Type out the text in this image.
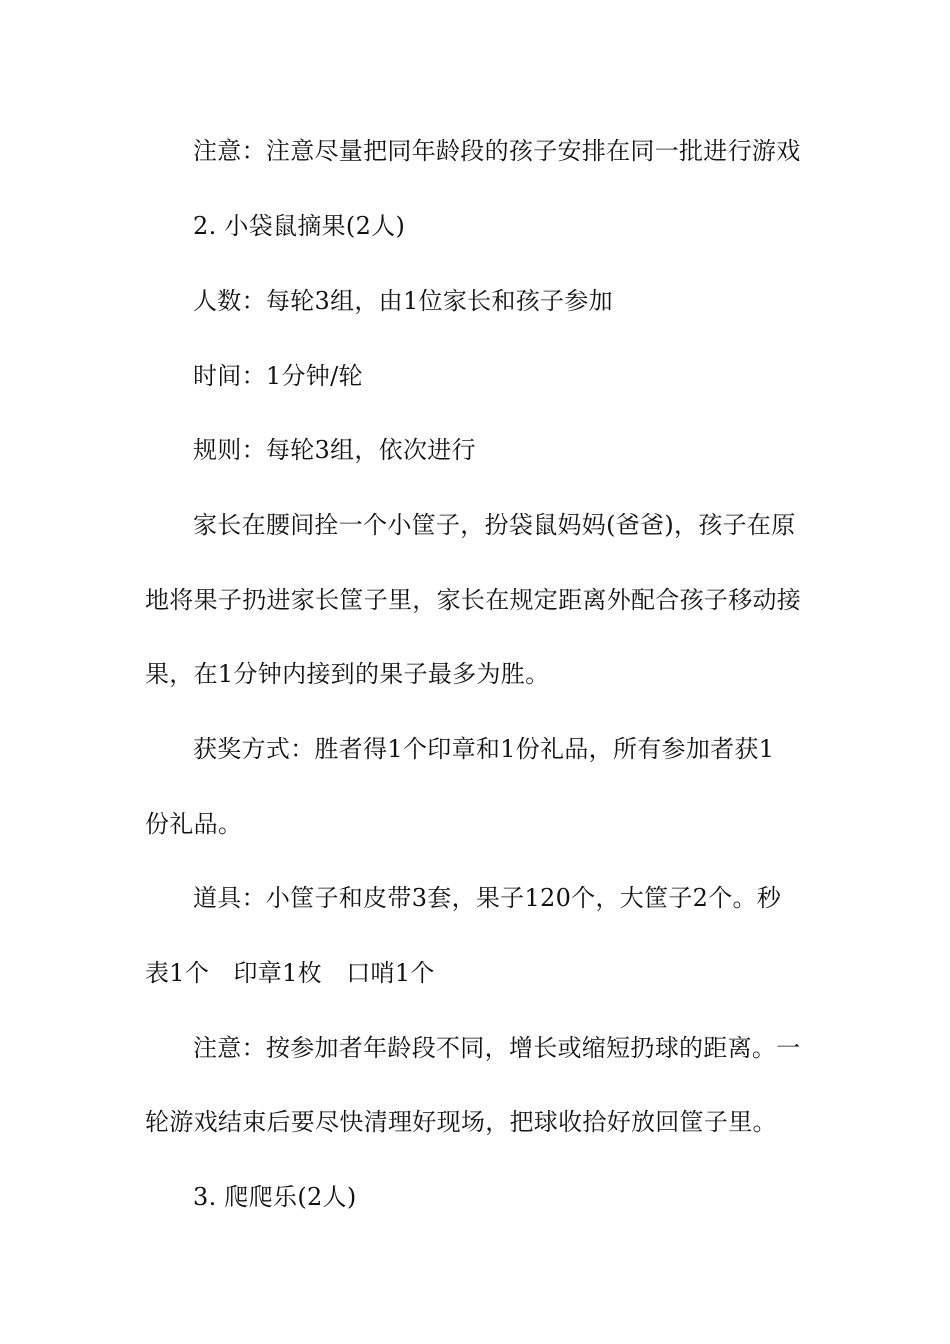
注意：注意尽量把同年龄段的孩子安排在同一批进行游戏
2. 小袋鼠摘果(2人)
人数：每轮3组，由1位家长和孩子参加
时间：1分钟/轮
规则：每轮3组，依次进行
家长在腰间拴一个小筐子，扮袋鼠妈妈(爸爸)，孩子在原
地将果子扔进家长筐子里，家长在规定距离外配合孩子移动接
果，在1分钟内接到的果子最多为胜。
获奖方式：胜者得1个印章和1份礼品，所有参加者获1
份礼品。
道具：小筐子和皮带3套，果子120个，大筐子2个。秒
表1个　印章1枚　口哨1个
注意：按参加者年龄段不同，增长或缩短扔球的距离。一
轮游戏结束后要尽快清理好现场，把球收拾好放回筐子里。
3. 爬爬乐(2人)
